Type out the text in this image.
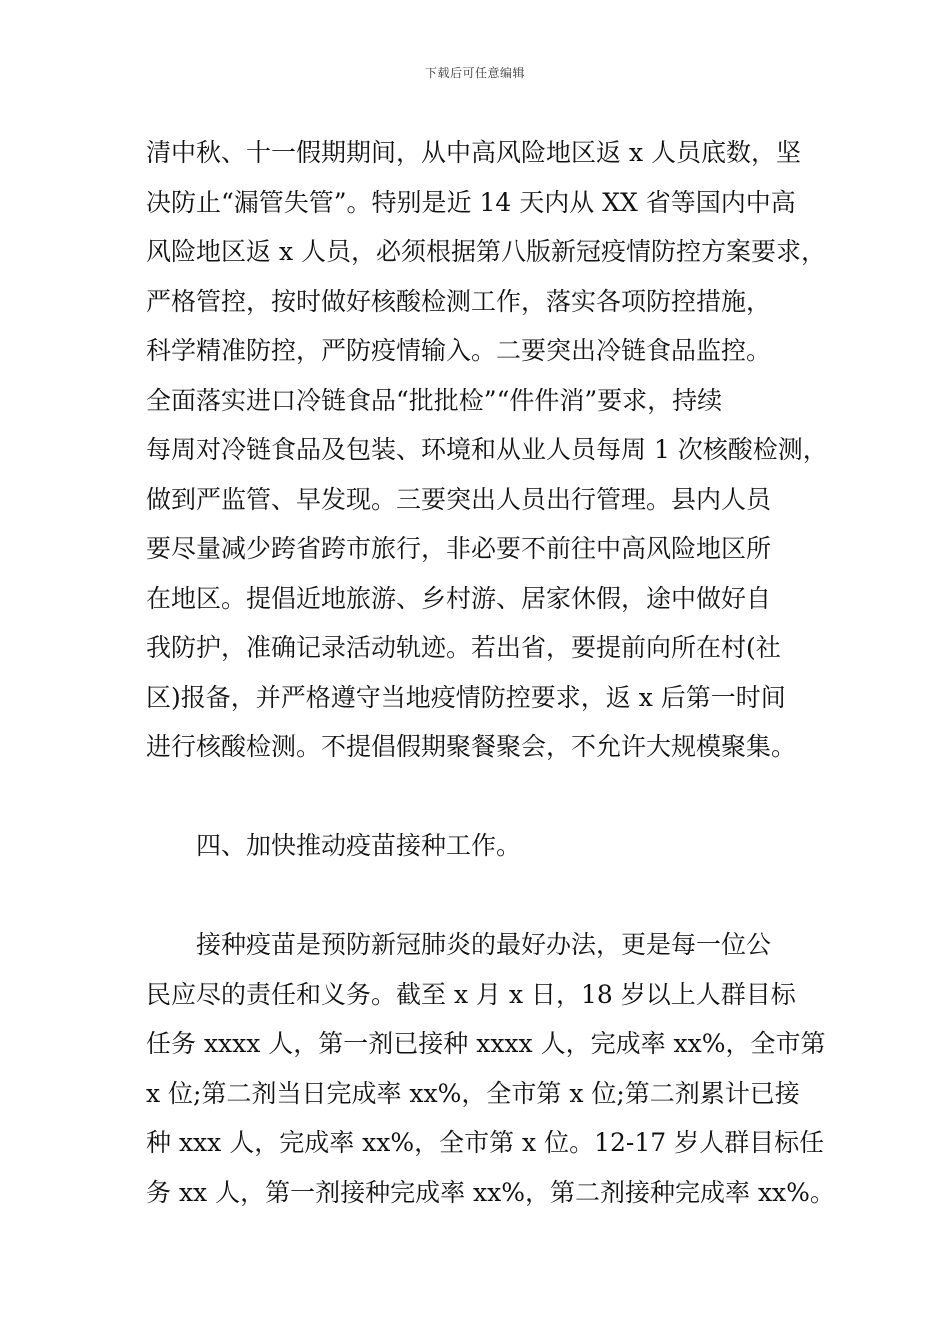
下载后可任意编辑
清中秋、十一假期期间，从中高风险地区返 x 人员底数，坚
决防止“漏管失管”。特别是近 14 天内从 XX 省等国内中高
风险地区返 x 人员，必须根据第八版新冠疫情防控方案要求，
严格管控，按时做好核酸检测工作，落实各项防控措施，
科学精准防控，严防疫情输入。二要突出冷链食品监控。
全面落实进口冷链食品“批批检”“件件消”要求，持续
每周对冷链食品及包装、环境和从业人员每周 1 次核酸检测，
做到严监管、早发现。三要突出人员出行管理。县内人员
要尽量减少跨省跨市旅行，非必要不前往中高风险地区所
在地区。提倡近地旅游、乡村游、居家休假，途中做好自
我防护，准确记录活动轨迹。若出省，要提前向所在村(社
区)报备，并严格遵守当地疫情防控要求，返 x 后第一时间
进行核酸检测。不提倡假期聚餐聚会，不允许大规模聚集。
四、加快推动疫苗接种工作。
接种疫苗是预防新冠肺炎的最好办法，更是每一位公
民应尽的责任和义务。截至 x 月 x 日，18 岁以上人群目标
任务 xxxx 人，第一剂已接种 xxxx 人，完成率 xx%，全市第
x 位;第二剂当日完成率 xx%，全市第 x 位;第二剂累计已接
种 xxx 人，完成率 xx%，全市第 x 位。12-17 岁人群目标任
务 xx 人，第一剂接种完成率 xx%，第二剂接种完成率 xx%。
